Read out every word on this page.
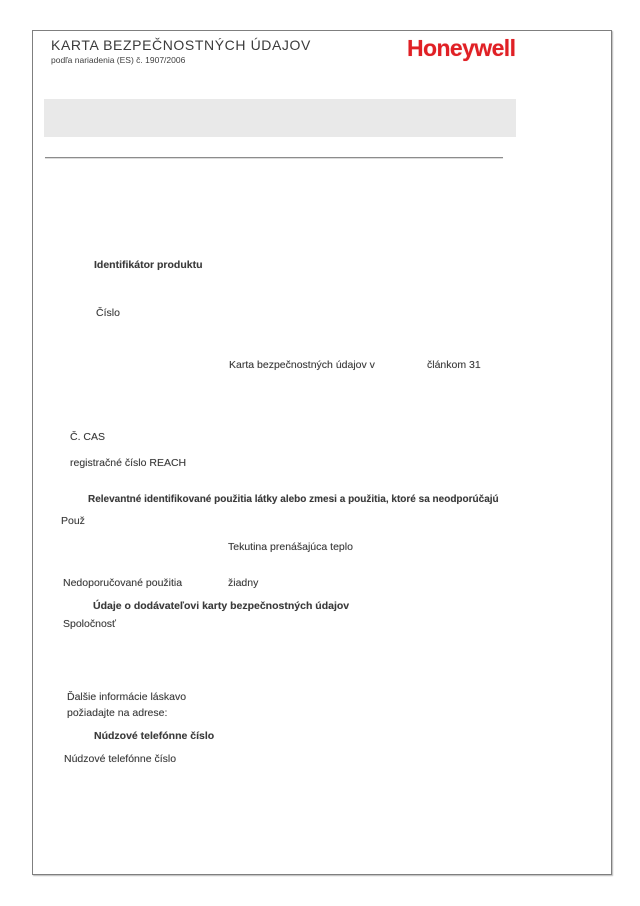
KARTA BEZPEČNOSTNÝCH ÚDAJOV
podľa nariadenia (ES) č. 1907/2006	Honeywell
Identifikátor produktu
Číslo
Karta bezpečnostných údajov v	článkom 31
Č. CAS
registračné číslo REACH
Relevantné identifikované použitia látky alebo zmesi a použitia, ktoré sa neodporúčajú
Použ
Tekutina prenášajúca teplo
Nedoporučované použitia	žiadny
Údaje o dodávateľovi karty bezpečnostných údajov
Spoločnosť
Ďalšie informácie láskavo
požiadajte na adrese:
Núdzové telefónne číslo
Núdzové telefónne číslo
